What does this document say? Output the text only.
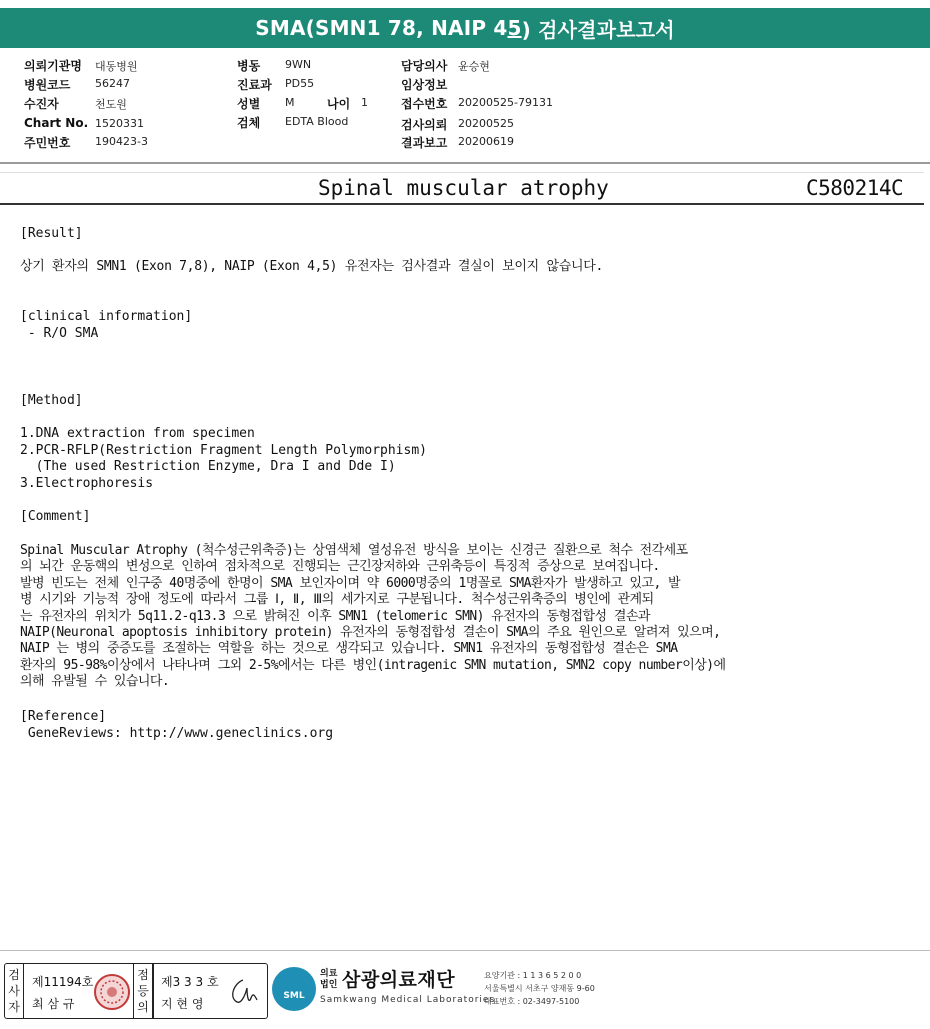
SMA(SMN1 78, NAIP 4 5 ) 검사결과보고서
의뢰기관명 대동병원
병원코드 56247
수진자	천도원
Chart No. 1520331
주민번호 190423-3
병동 9WN
진료과 PD55
성별 M	나이 1
검체 EDTA Blood
담당의사 윤승현
임상정보
접수번호 20200525-79131
검사의뢰 20200525
결과보고 20200619
Spinal muscular atrophy	C580214C
[Result]
상기 환자의 SMN1 (Exon 7,8), NAIP (Exon 4,5) 유전자는 검사결과 결실이 보이지 않습니다.
[clinical information]
- R/O SMA
[Method]
1.DNA extraction from specimen
2.PCR-RFLP(Restriction Fragment Length Polymorphism)
(The used Restriction Enzyme, Dra I and Dde I)
3.Electrophoresis
[Comment]
Spinal Muscular Atrophy (척수성근위축증)는 상염색체 열성유전 방식을 보이는 신경근 질환으로 척수 전각세포
의 뇌간 운동핵의 변성으로 인하여 점차적으로 진행되는 근긴장저하와 근위축등이 특징적 증상으로 보여집니다.
발병 빈도는 전체 인구중 40명중에 한명이 SMA 보인자이며 약 6000명중의 1명꼴로 SMA환자가 발생하고 있고, 발
병 시기와 기능적 장애 정도에 따라서 그룹 Ⅰ, Ⅱ, Ⅲ의 세가지로 구분됩니다. 척수성근위축증의 병인에 관계되
는 유전자의 위치가 5q11.2-q13.3 으로 밝혀진 이후 SMN1 (telomeric SMN) 유전자의 동형접합성 결손과
NAIP(Neuronal apoptosis inhibitory protein) 유전자의 동형접합성 결손이 SMA의 주요 원인으로 알려져 있으며,
NAIP 는 병의 중증도를 조절하는 역할을 하는 것으로 생각되고 있습니다. SMN1 유전자의 동형접합성 결손은 SMA
환자의 95-98%이상에서 나타나며 그외 2-5%에서는 다른 병인(intragenic SMN mutation, SMN2 copy number이상)에
의해 유발될 수 있습니다.
[Reference]
GeneReviews: http://www.geneclinics.org
검
사
자
제11194호
최 삼 규
점
등
의
제3 3 3 호
지 현 영
SML
의료
법인 삼광의료재단
Samkwang Medical Laboratories
요양기관 : 1 1 3 6 5 2 0 0
서울특별시 서초구 양재동 9-60
대표번호 : 02-3497-5100
